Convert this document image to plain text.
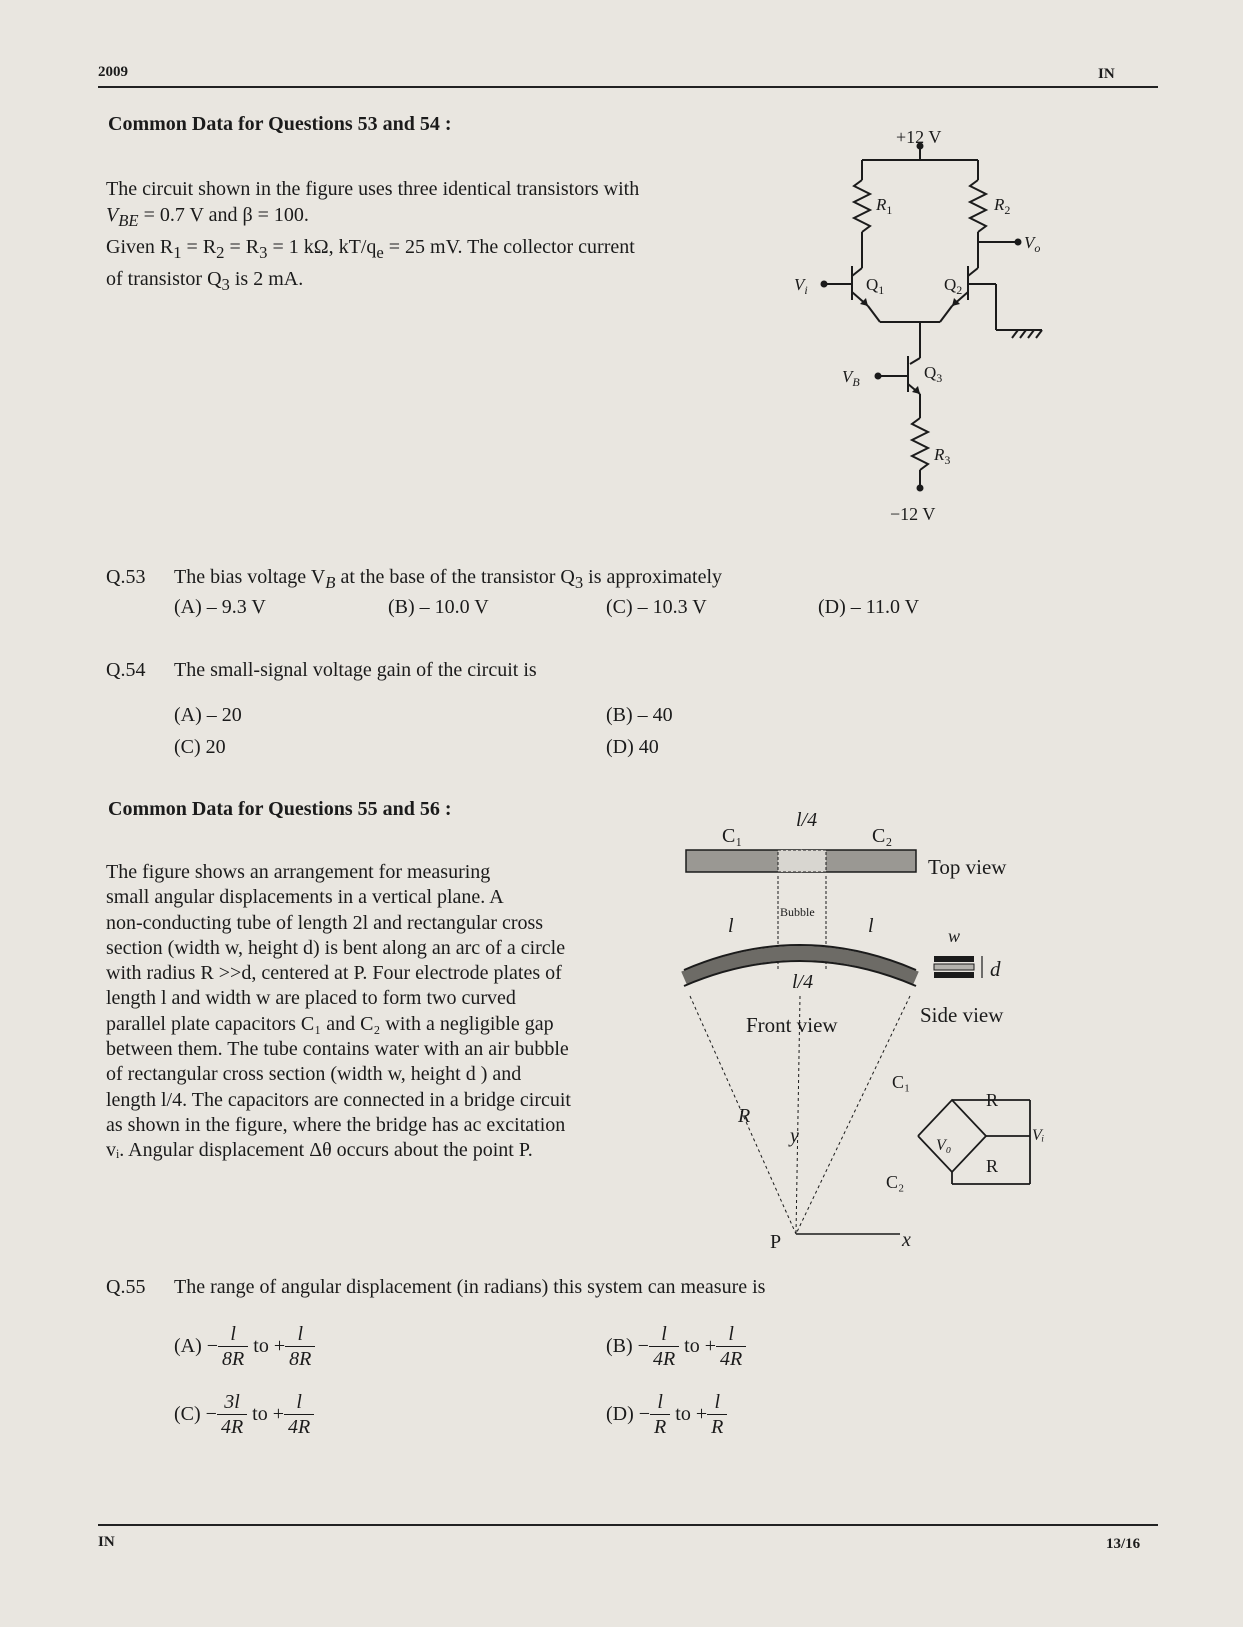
2009	IN
Common Data for Questions 53 and 54 :
The circuit shown in the figure uses three identical transistors with
$V_{BE} = 0.7$ V and β = 100.
Given $R_1 = R_2 = R_3 = 1$ kΩ, $kT/q_e = 25$ mV. The collector current
of transistor $Q_3$ is 2 mA.
+12 V
−12 V
$R_1$	$R_2$
$R_3$
$V_o$
$V_i$	$Q_1$	$Q_2$
$Q_3$
$V_B$
Q.53 The bias voltage $V_B$ at the base of the transistor $Q_3$ is approximately
(A) – 9.3 V	(B) – 10.0 V	(C) – 10.3 V	(D) – 11.0 V
Q.54 The small-signal voltage gain of the circuit is
(A) – 20	(B) – 40
(C) 20	(D) 40
Common Data for Questions 55 and 56 :
The figure shows an arrangement for measuring
small angular displacements in a vertical plane. A
non-conducting tube of length 2l and rectangular cross
section (width w, height d) is bent along an arc of a circle
with radius R >>d, centered at P. Four electrode plates of
length l and width w are placed to form two curved
parallel plate capacitors C₁ and C₂ with a negligible gap
between them. The tube contains water with an air bubble
of rectangular cross section (width w, height d ) and
length l/4. The capacitors are connected in a bridge circuit
as shown in the figure, where the bridge has ac excitation
vᵢ. Angular displacement Δθ occurs about the point P.
l/4
C₁	C₂
Top view
Bubble
l	l
l/4
Front view
w
d
Side view
R
y
P	x
C₁
C₂
R
R
V₀
Vᵢ
Q.55 The range of angular displacement (in radians) this system can measure is
$(A) - \frac{l}{8R}$ to + $\frac{l}{8R}$	$(B) - \frac{l}{4R}$ to + $\frac{l}{4R}$
$(C) - \frac{3l}{4R}$ to + $\frac{l}{4R}$	$(D) - \frac{l}{R}$ to + $\frac{l}{R}$
IN	13/16
